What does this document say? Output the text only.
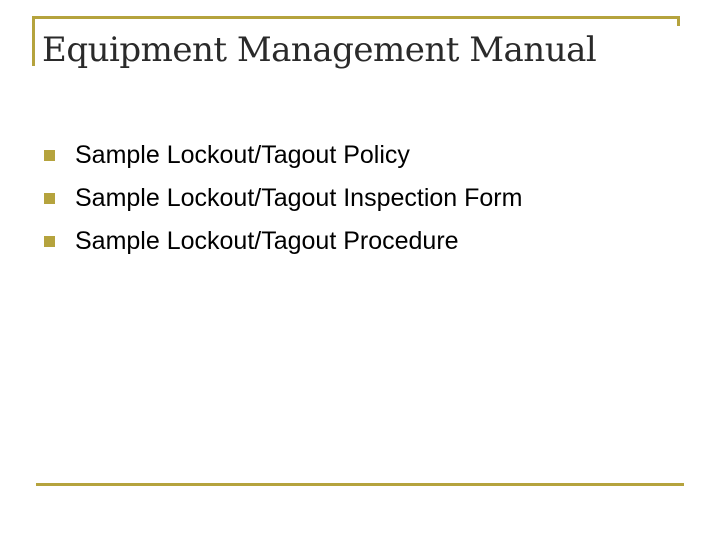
Equipment Management Manual
Sample Lockout/Tagout Policy
Sample Lockout/Tagout Inspection Form
Sample Lockout/Tagout Procedure
